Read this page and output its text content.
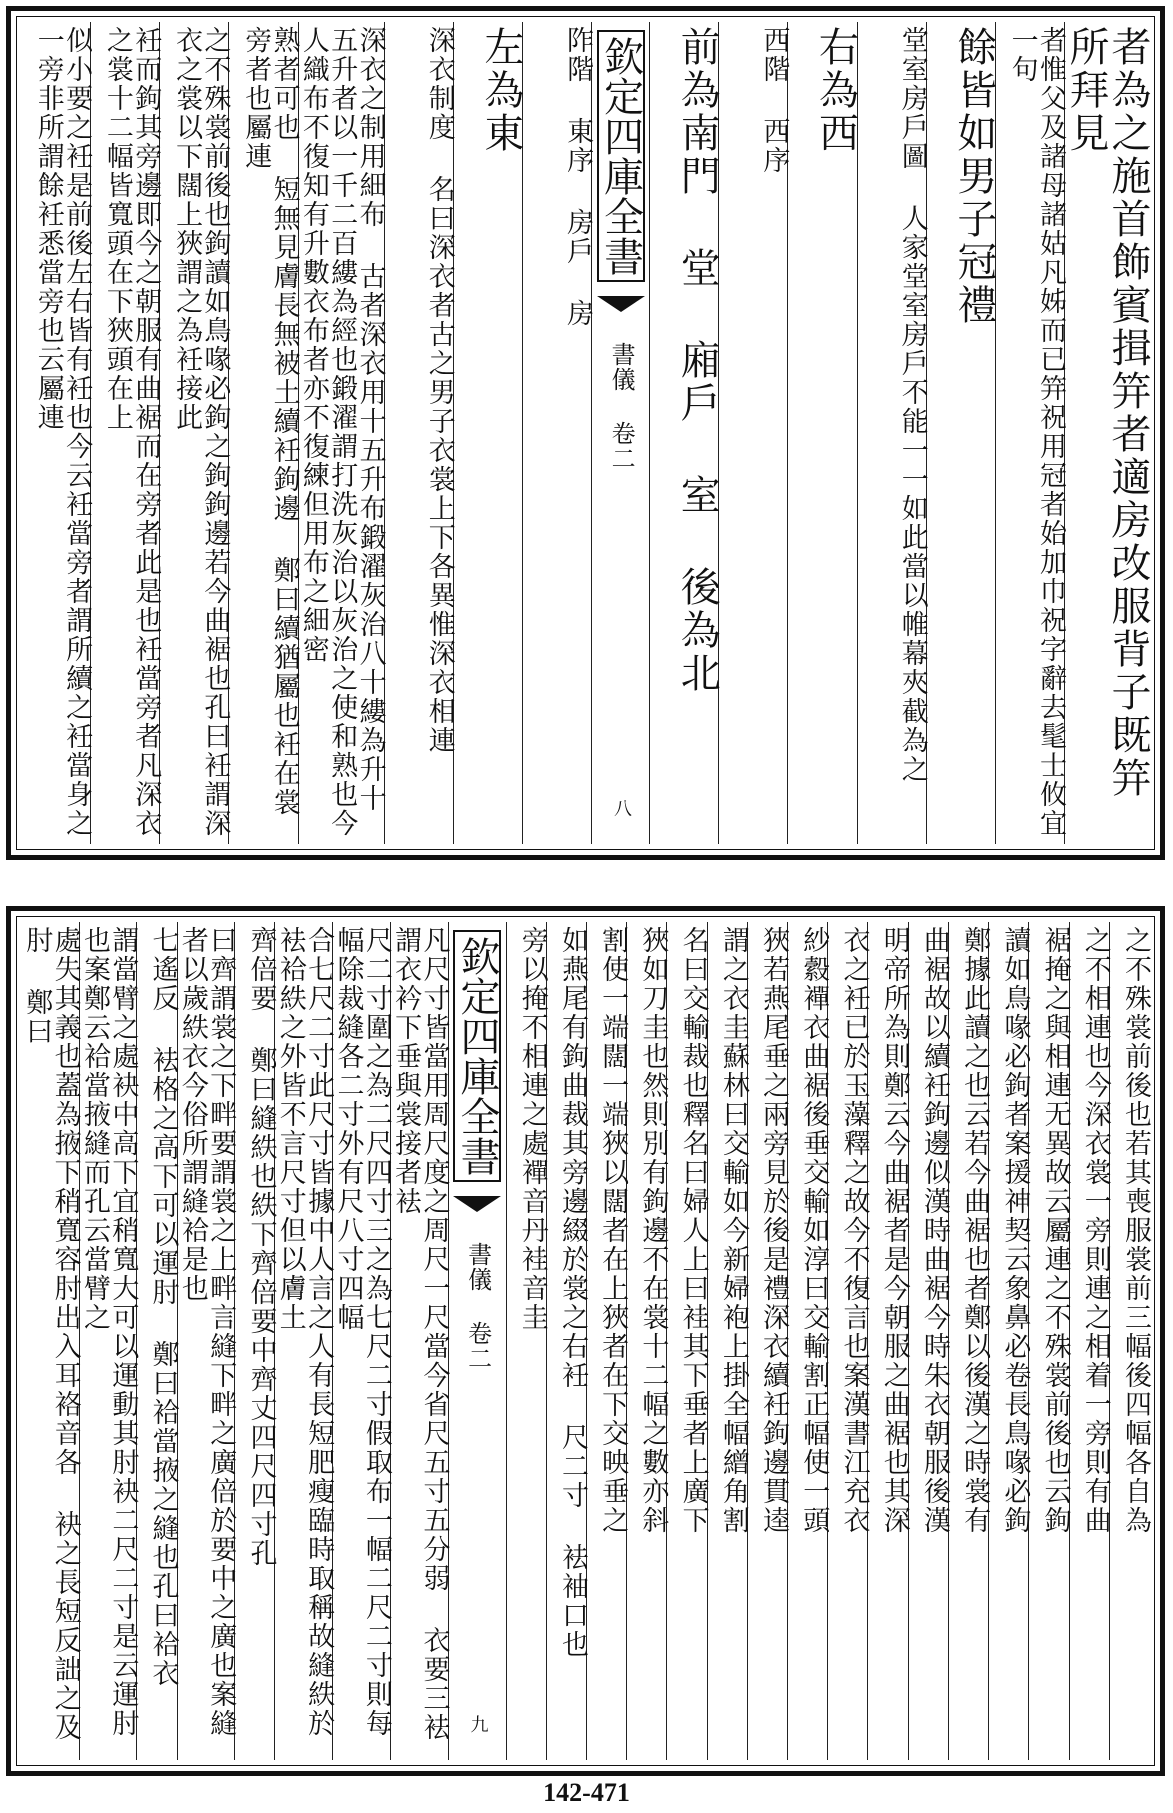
者為之施首飾賓揖笄者適房改服背子既笄所拜見
者惟父及諸母諸姑凡姊而已笄祝用冠者始加巾祝字辭去髦士攸宜一句
餘皆如男子冠禮
堂室房戶圖 人家堂室房戶不能一一如此當以帷幕夾截為之
右為西
西階 西序
前為南門 堂 廂戶 室 後為北
欽定四庫全書
書儀 卷二
八
阼階 東序 房戶 房
左為東
深衣制度 名曰深衣者古之男子衣裳上下各異惟深衣相連
深衣之制用細布 古者深衣用十五升布鍛濯灰治八十縷為升十五升者以一千二百縷為經也鍛濯謂打洗灰治以灰治之使和熟也今人織布不復知有升數衣布者亦不復練但用布之細密
熟者可也 短無見膚長無被土續衽鉤邊 鄭曰續猶屬也衽在裳旁者也屬連
之不殊裳前後也鉤讀如鳥喙必鉤之鉤鉤邊若今曲裾也孔曰衽謂深衣之裳以下闊上狹謂之為衽接此
衽而鉤其旁邊即今之朝服有曲裾而在旁者此是也衽當旁者凡深衣之裳十二幅皆寬頭在下狹頭在上
似小要之衽是前後左右皆有衽也今云衽當旁者謂所續之衽當身之一旁非所謂餘衽悉當旁也云屬連
之不殊裳前後也若其喪服裳前三幅後四幅各自為
之不相連也今深衣裳一旁則連之相着一旁則有曲
裾掩之與相連无異故云屬連之不殊裳前後也云鉤
讀如鳥喙必鉤者案援神契云象鼻必卷長鳥喙必鉤
鄭據此讀之也云若今曲裾也者鄭以後漢之時裳有
曲裾故以續衽鉤邊似漢時曲裾今時朱衣朝服後漢
明帝所為則鄭云今曲裾者是今朝服之曲裾也其深
衣之衽已於玉藻釋之故今不復言也案漢書江充衣
紗縠襌衣曲裾後垂交輸如淳曰交輸割正幅使一頭
狹若燕尾垂之兩旁見於後是禮深衣續衽鉤邊貫逵
謂之衣圭蘇林曰交輸如今新婦袍上掛全幅繒角割
名曰交輸裁也釋名曰婦人上曰袿其下垂者上廣下
狹如刀圭也然則別有鉤邊不在裳十二幅之數亦斜
割使一端闊一端狹以闊者在上狹者在下交映垂之
如燕尾有鉤曲裁其旁邊綴於裳之右衽 尺二寸 袪袖口也
旁以掩不相連之處襌音丹袿音圭
欽定四庫全書
書儀 卷二
九
凡尺寸皆當用周尺度之周尺一尺當今省尺五寸五分弱 衣要三袪 謂衣衿下垂與裳接者袪
尺二寸圍之為二尺四寸三之為七尺二寸假取布一幅二尺二寸則每幅除裁縫各二寸外有尺八寸四幅
合七尺二寸此尺寸皆據中人言之人有長短肥瘦臨時取稱故縫紩於袪袷紩之外皆不言尺寸但以膚土
齊倍要 鄭曰縫紩也紩下齊倍要中齊丈四尺四寸孔
曰齊謂裳之下畔要謂裳之上畔言縫下畔之廣倍於要中之廣也案縫者以歲紩衣今俗所謂縫袷是也
七遙反 袪格之高下可以運肘 鄭曰袷當掖之縫也孔曰袷衣
謂當臂之處袂中高下宜稍寬大可以運動其肘袂二尺二寸是云運肘也案鄭云袷當掖縫而孔云當臂之
處失其義也蓋為掖下稍寬容肘出入耳袼音各 袂之長短反詘之及肘 鄭曰
142-471
